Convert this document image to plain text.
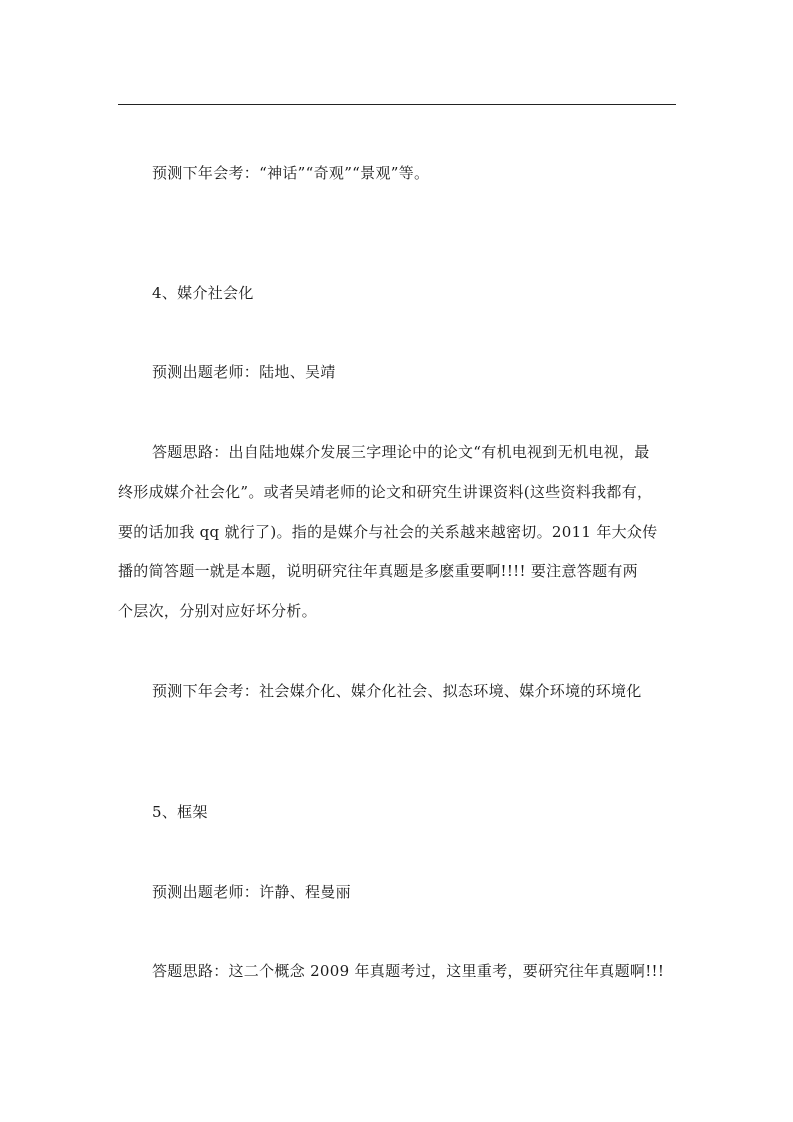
预测下年会考：“神话”“奇观”“景观”等。
4、媒介社会化
预测出题老师：陆地、吴靖
答题思路：出自陆地媒介发展三字理论中的论文“有机电视到无机电视，最
终形成媒介社会化”。或者吴靖老师的论文和研究生讲课资料(这些资料我都有，
要的话加我 qq 就行了)。指的是媒介与社会的关系越来越密切。2011 年大众传
播的简答题一就是本题，说明研究往年真题是多麽重要啊!!!! 要注意答题有两
个层次，分别对应好坏分析。
预测下年会考：社会媒介化、媒介化社会、拟态环境、媒介环境的环境化
5、框架
预测出题老师：许静、程曼丽
答题思路：这二个概念 2009 年真题考过，这里重考，要研究往年真题啊!!!
